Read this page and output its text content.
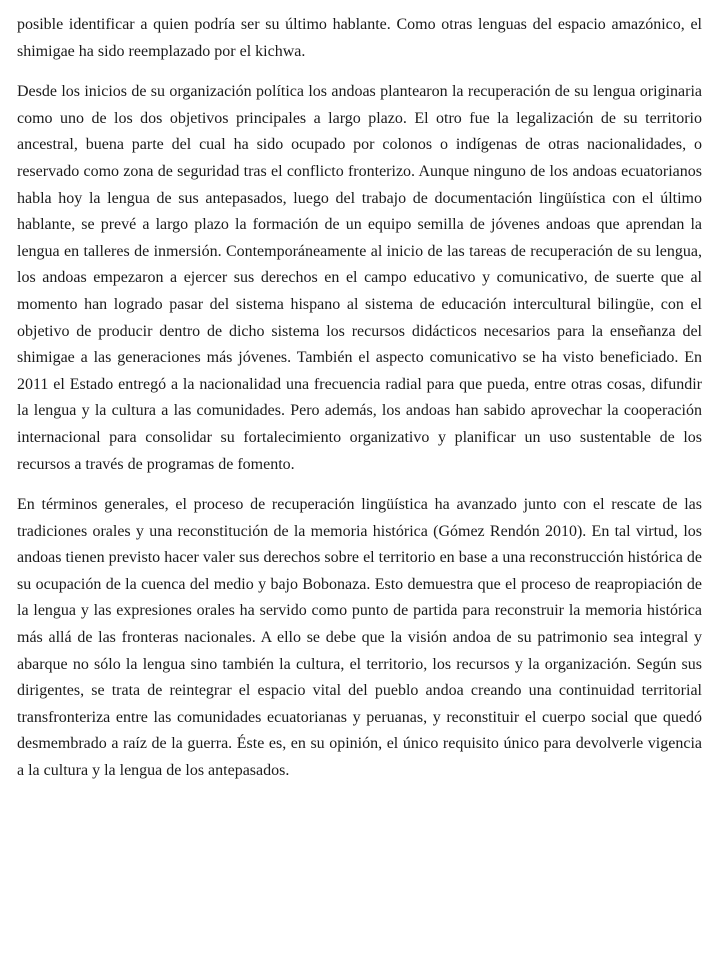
posible identificar a quien podría ser su último hablante. Como otras lenguas del espacio amazónico, el shimigae ha sido reemplazado por el kichwa.

Desde los inicios de su organización política los andoas plantearon la recuperación de su lengua originaria como uno de los dos objetivos principales a largo plazo. El otro fue la legalización de su territorio ancestral, buena parte del cual ha sido ocupado por colonos o indígenas de otras nacionalidades, o reservado como zona de seguridad tras el conflicto fronterizo. Aunque ninguno de los andoas ecuatorianos habla hoy la lengua de sus antepasados, luego del trabajo de documentación lingüística con el último hablante, se prevé a largo plazo la formación de un equipo semilla de jóvenes andoas que aprendan la lengua en talleres de inmersión. Contemporáneamente al inicio de las tareas de recuperación de su lengua, los andoas empezaron a ejercer sus derechos en el campo educativo y comunicativo, de suerte que al momento han logrado pasar del sistema hispano al sistema de educación intercultural bilingüe, con el objetivo de producir dentro de dicho sistema los recursos didácticos necesarios para la enseñanza del shimigae a las generaciones más jóvenes. También el aspecto comunicativo se ha visto beneficiado. En 2011 el Estado entregó a la nacionalidad una frecuencia radial para que pueda, entre otras cosas, difundir la lengua y la cultura a las comunidades. Pero además, los andoas han sabido aprovechar la cooperación internacional para consolidar su fortalecimiento organizativo y planificar un uso sustentable de los recursos a través de programas de fomento.

En términos generales, el proceso de recuperación lingüística ha avanzado junto con el rescate de las tradiciones orales y una reconstitución de la memoria histórica (Gómez Rendón 2010). En tal virtud, los andoas tienen previsto hacer valer sus derechos sobre el territorio en base a una reconstrucción histórica de su ocupación de la cuenca del medio y bajo Bobonaza. Esto demuestra que el proceso de reapropiación de la lengua y las expresiones orales ha servido como punto de partida para reconstruir la memoria histórica más allá de las fronteras nacionales. A ello se debe que la visión andoa de su patrimonio sea integral y abarque no sólo la lengua sino también la cultura, el territorio, los recursos y la organización. Según sus dirigentes, se trata de reintegrar el espacio vital del pueblo andoa creando una continuidad territorial transfronteriza entre las comunidades ecuatorianas y peruanas, y reconstituir el cuerpo social que quedó desmembrado a raíz de la guerra. Éste es, en su opinión, el único requisito único para devolverle vigencia a la cultura y la lengua de los antepasados.
